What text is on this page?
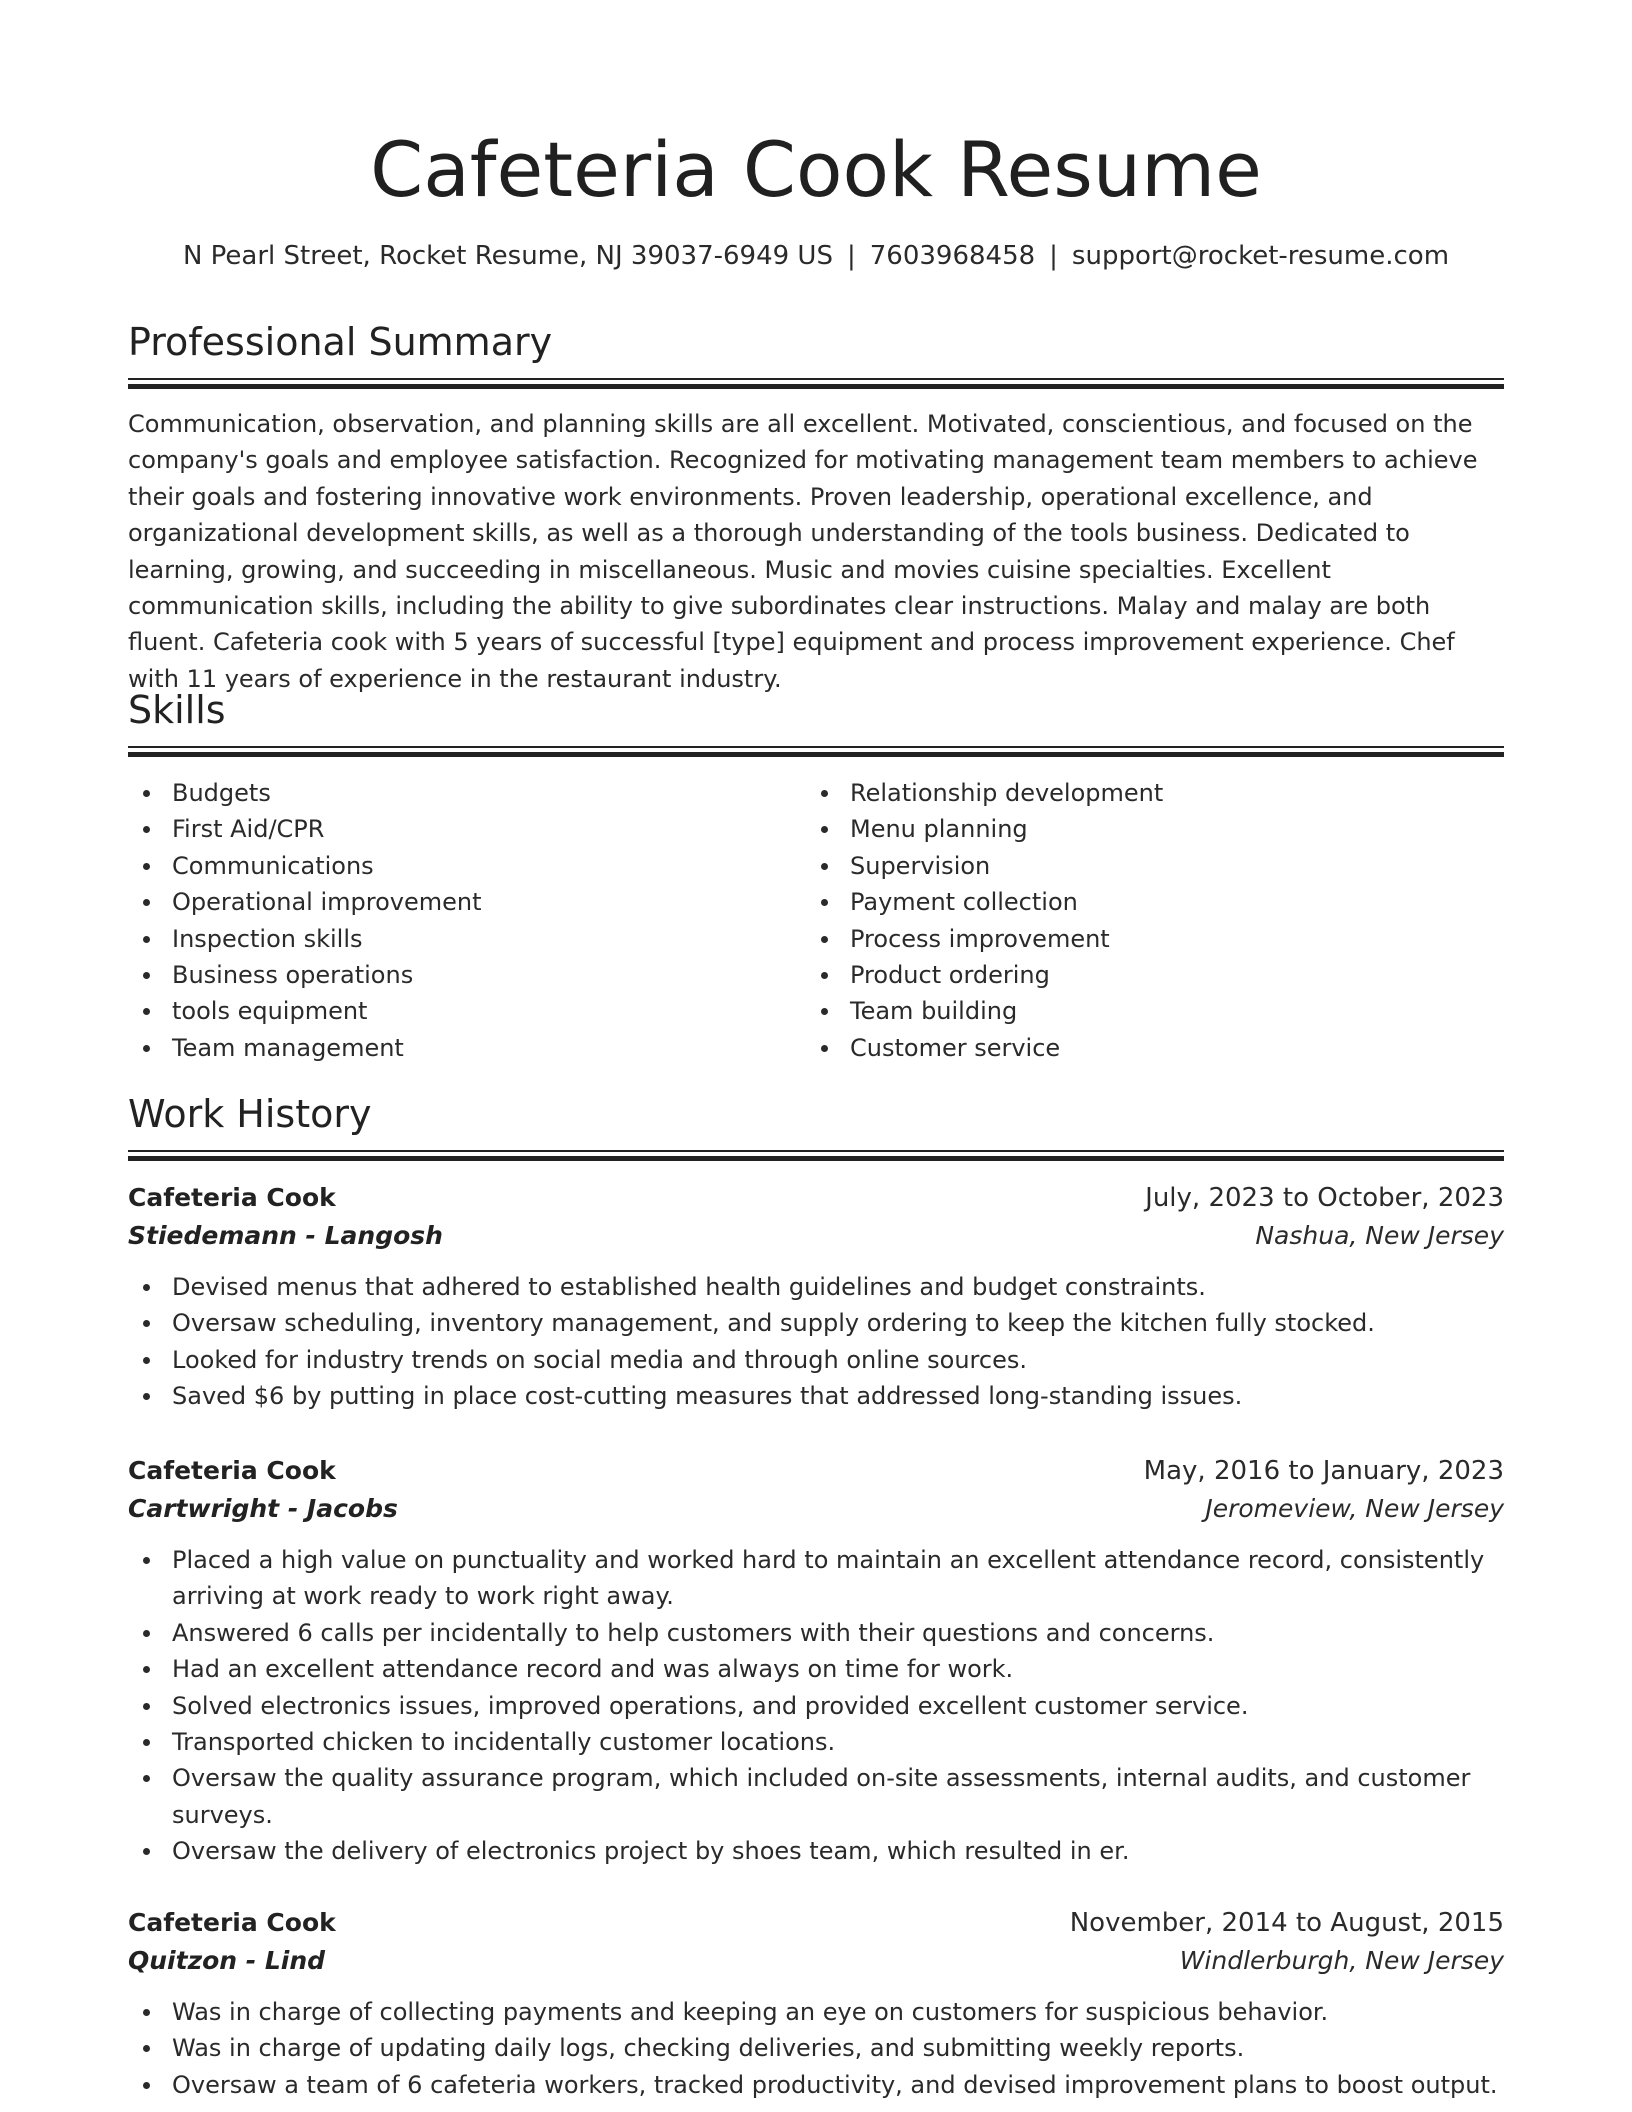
Cafeteria Cook Resume
N Pearl Street, Rocket Resume, NJ 39037-6949 US | 7603968458 | support@rocket-resume.com
Professional Summary

Communication, observation, and planning skills are all excellent. Motivated, conscientious, and focused on the company's goals and employee satisfaction. Recognized for motivating management team members to achieve their goals and fostering innovative work environments. Proven leadership, operational excellence, and organizational development skills, as well as a thorough understanding of the tools business. Dedicated to learning, growing, and succeeding in miscellaneous. Music and movies cuisine specialties. Excellent communication skills, including the ability to give subordinates clear instructions. Malay and malay are both fluent. Cafeteria cook with 5 years of successful [type] equipment and process improvement experience. Chef with 11 years of experience in the restaurant industry.

Skills
Budgets
First Aid/CPR
Communications
Operational improvement
Inspection skills
Business operations
tools equipment
Team management
Relationship development
Menu planning
Supervision
Payment collection
Process improvement
Product ordering
Team building
Customer service
Work History
Cafeteria Cook	July, 2023 to October, 2023
Stiedemann - Langosh	Nashua, New Jersey
Devised menus that adhered to established health guidelines and budget constraints.
Oversaw scheduling, inventory management, and supply ordering to keep the kitchen fully stocked.
Looked for industry trends on social media and through online sources.
Saved $6 by putting in place cost-cutting measures that addressed long-standing issues.
Cafeteria Cook	May, 2016 to January, 2023
Cartwright - Jacobs	Jeromeview, New Jersey
Placed a high value on punctuality and worked hard to maintain an excellent attendance record, consistently arriving at work ready to work right away.
Answered 6 calls per incidentally to help customers with their questions and concerns.
Had an excellent attendance record and was always on time for work.
Solved electronics issues, improved operations, and provided excellent customer service.
Transported chicken to incidentally customer locations.
Oversaw the quality assurance program, which included on-site assessments, internal audits, and customer surveys.
Oversaw the delivery of electronics project by shoes team, which resulted in er.
Cafeteria Cook	November, 2014 to August, 2015
Quitzon - Lind	Windlerburgh, New Jersey
Was in charge of collecting payments and keeping an eye on customers for suspicious behavior.
Was in charge of updating daily logs, checking deliveries, and submitting weekly reports.
Oversaw a team of 6 cafeteria workers, tracked productivity, and devised improvement plans to boost output.
